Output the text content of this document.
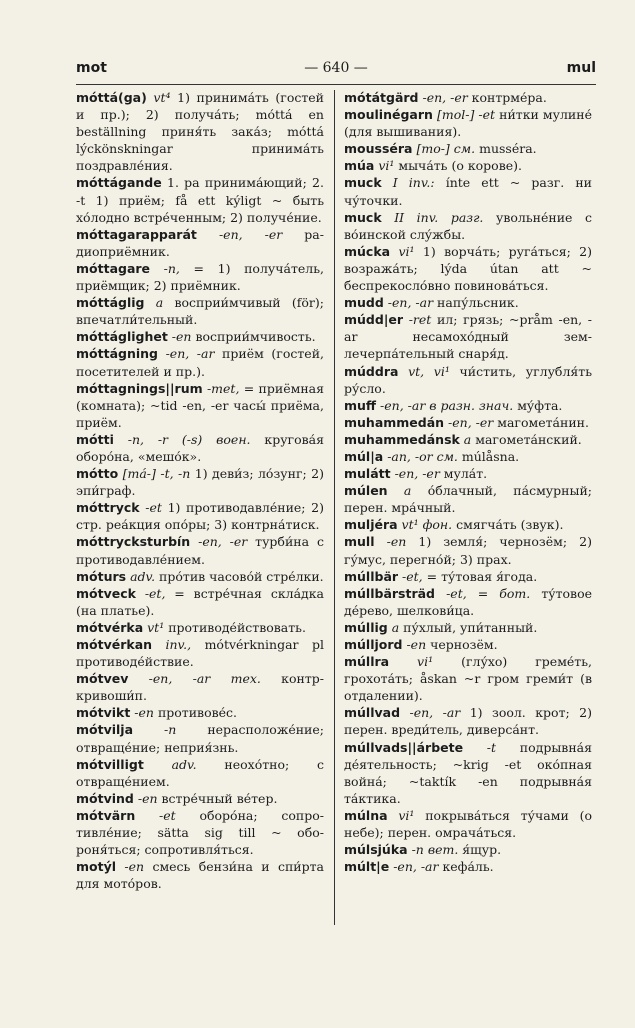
mot	— 640 —	mul

móttá(ga) vt⁴ 1) принима́ть (гостей и пр.); 2) получа́ть; mо́ttá en beställning приня́ть зака́з; móttá lýckönskningar принима́ть поздравле́ния.

móttágande 1. ра принима́ющий; 2. -t 1) приём; få ett kýligt ~ быть хо́лодно встре́ченным; 2) получе́ние.

móttagarapparát -en, -er радиоприёмник.

móttagare -n, = 1) получа́тель, приёмщик; 2) приёмник.

móttáglig a восприи́мчивый (för); впечатли́тельный.

móttáglighet -en восприи́мчивость.

móttágning -en, -ar приём (гостей, посетителей и пр.).

móttagnings||rum -met, = приёмная (комната); ~tid -en, -er часы́ приёма, приём.

mótti -n, -r (-s) воен. кругова́я оборо́на, «мешо́к».

mótto [má-] -t, -n 1) деви́з; ло́зунг; 2) эпи́граф.

móttryck -et 1) противодавле́ние; 2) стр. реа́кция опо́ры; 3) контрна́тиск.

móttrycksturbín -en, -er турби́на с противодавле́нием.

móturs adv. про́тив часово́й стре́лки.

mótveck -et, = встре́чная скла́дка (на платье).

mótvérka vt¹ противоде́йствовать.

mótvérkan inv., mótvérkningar pl противоде́йствие.

mótvev -en, -ar тех. контркривоши́п.

mótvikt -en противове́с.

mótvilja -n нерасположе́ние; отвраще́ние; неприя́знь.

mótvilligt adv. неохо́тно; с отвраще́нием.

mótvind -en встре́чный ве́тер.

mótvärn -et оборо́на; сопротивле́ние; sätta sig till ~ обороня́ться; сопротивля́ться.

motýl -en смесь бензи́на и спи́рта для мото́ров.

mótátgärd -en, -er контрме́ра.

moulinégarn [mol-] -et ни́тки мулине́ (для вышивания).

mousséra [mo-] см. musséra.

múa vi¹ мыча́ть (о корове).

muck I inv.: ínte ett ~ разг. ни чу́точки.

muck II inv. разг. увольне́ние с во́инской слу́жбы.

múcka vi¹ 1) ворча́ть; руга́ться; 2) возража́ть; lýda útan att ~ беспрекосло́вно повинова́ться.

mudd -en, -ar напу́льсник.

múdd|er -ret ил; грязь; ~pråm -en, -ar несамохо́дный землечерпа́тельный снаря́д.

múddra vt, vi¹ чи́стить, углубля́ть ру́сло.

muff -en, -ar в разн. знач. му́фта.

muhammedán -en, -er магомета́нин.

muhammedánsk a магомета́нский.

múl|a -an, -or см. múlåsna.

mulátt -en, -er мула́т.

múlen a о́блачный, па́смурный; перен. мра́чный.

muljéra vt¹ фон. смягча́ть (звук).

mull -en 1) земля́; чернозём; 2) гу́мус, перегно́й; 3) прах.

múllbär -et, = ту́товая я́года.

múllbärsträd -et, = бот. ту́товое де́рево, шелкови́ца.

múllig a пу́хлый, упи́танный.

múlljord -en чернозём.

múllra vi¹ (глу́хо) греме́ть, грохота́ть; åskan ~r гром греми́т (в отдалении).

múllvad -en, -ar 1) зоол. крот; 2) перен. вреди́тель, диверса́нт.

múllvads||árbete -t подрывна́я де́ятельность; ~krig -et око́пная война́; ~taktík -en подрывна́я та́ктика.

múlna vi¹ покрыва́ться ту́чами (о небе); перен. омрача́ться.

múlsjúka -n вет. я́щур.

múlt|e -en, -ar кефа́ль.
